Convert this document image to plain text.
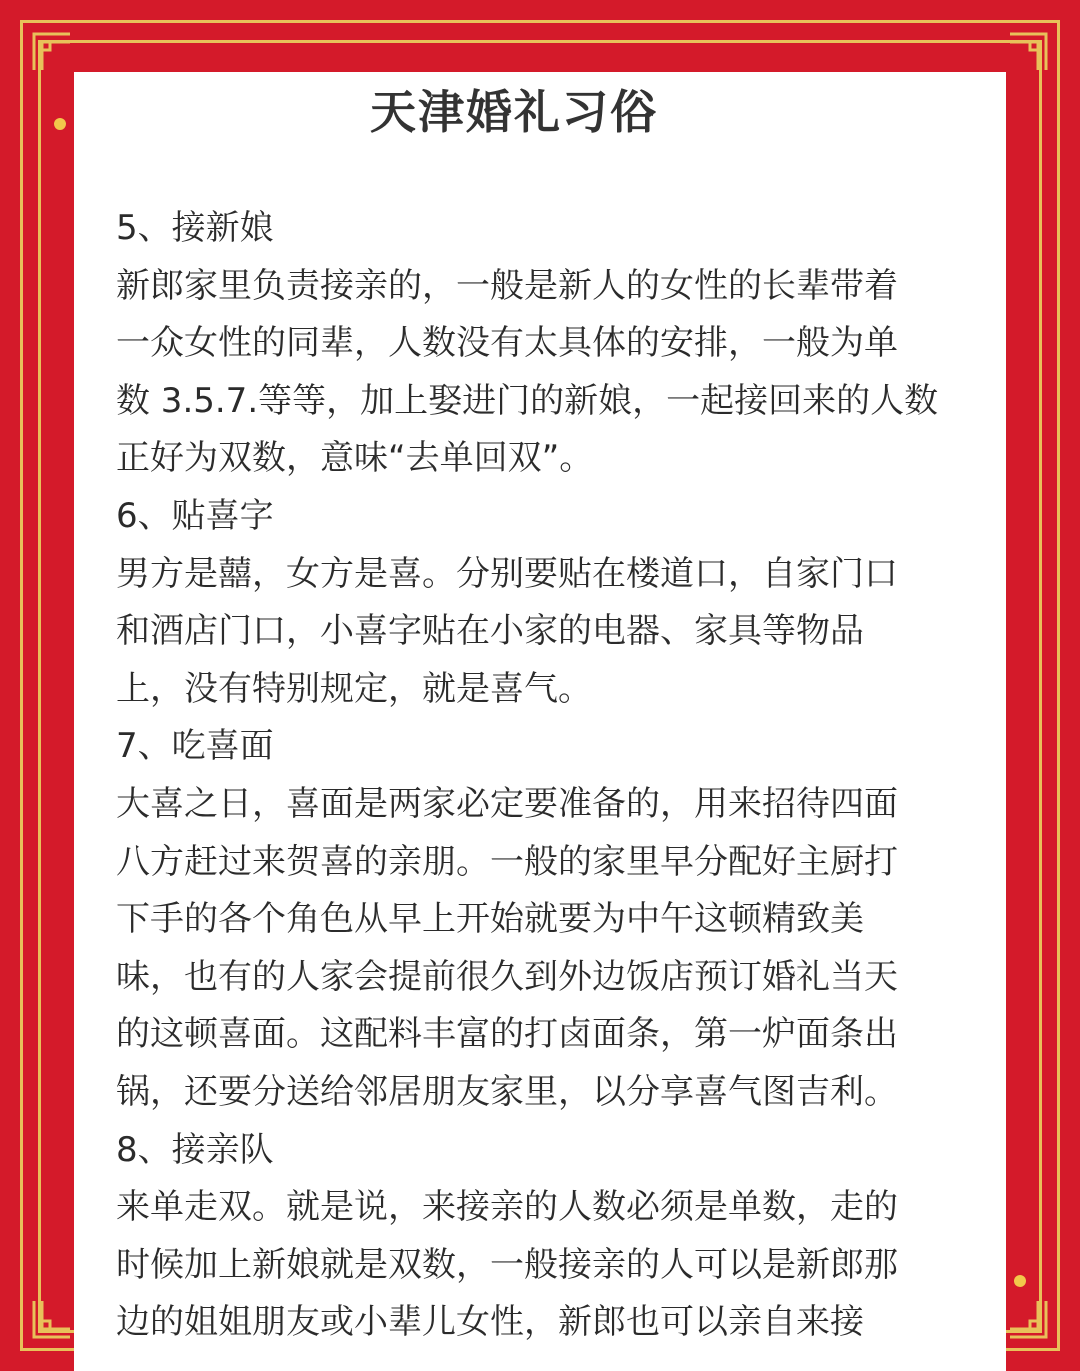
天津婚礼习俗
5、接新娘
新郎家里负责接亲的，一般是新人的女性的长辈带着
一众女性的同辈，人数没有太具体的安排，一般为单
数 3.5.7.等等，加上娶进门的新娘，一起接回来的人数
正好为双数，意味“去单回双”。
6、贴喜字
男方是囍，女方是喜。分别要贴在楼道口，自家门口
和酒店门口，小喜字贴在小家的电器、家具等物品
上，没有特别规定，就是喜气。
7、吃喜面
大喜之日，喜面是两家必定要准备的，用来招待四面
八方赶过来贺喜的亲朋。一般的家里早分配好主厨打
下手的各个角色从早上开始就要为中午这顿精致美
味，也有的人家会提前很久到外边饭店预订婚礼当天
的这顿喜面。这配料丰富的打卤面条，第一炉面条出
锅，还要分送给邻居朋友家里，以分享喜气图吉利。
8、接亲队
来单走双。就是说，来接亲的人数必须是单数，走的
时候加上新娘就是双数，一般接亲的人可以是新郎那
边的姐姐朋友或小辈儿女性，新郎也可以亲自来接
